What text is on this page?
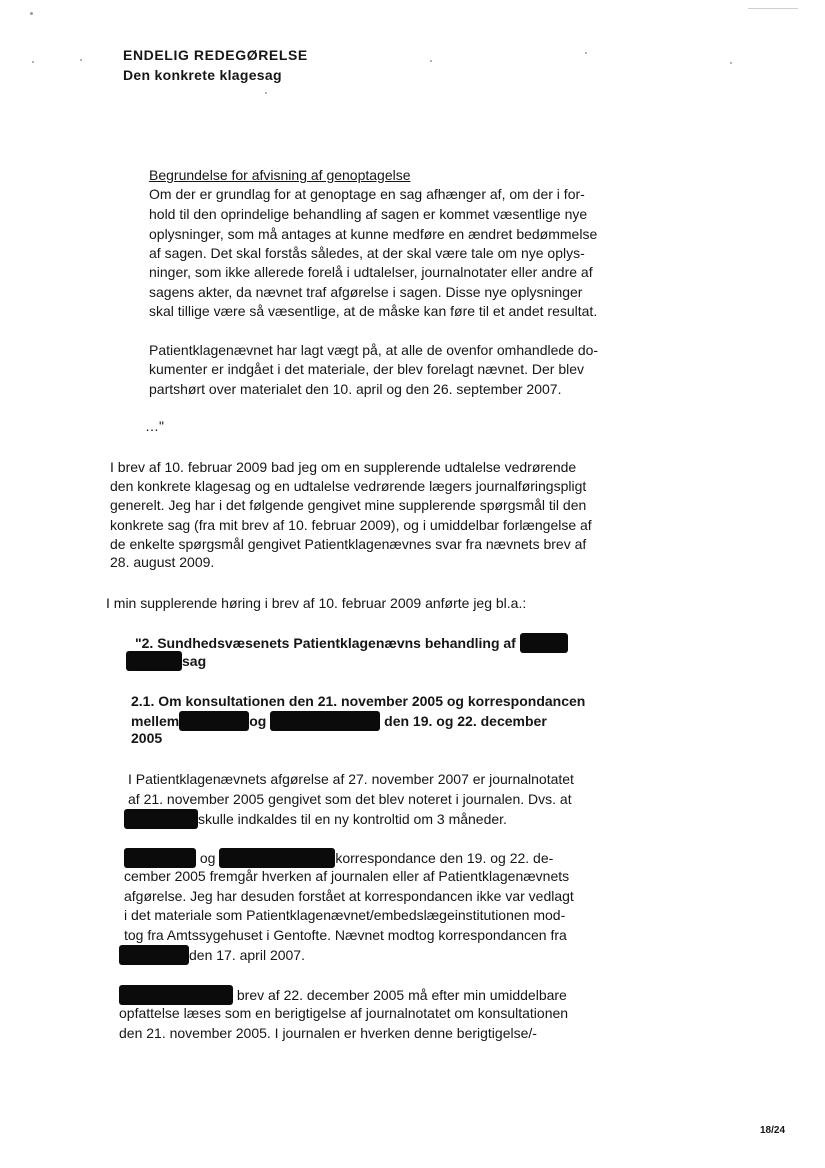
ENDELIG REDEGØRELSE
Den konkrete klagesag
Begrundelse for afvisning af genoptagelse
Om der er grundlag for at genoptage en sag afhænger af, om der i for-
hold til den oprindelige behandling af sagen er kommet væsentlige nye
oplysninger, som må antages at kunne medføre en ændret bedømmelse
af sagen. Det skal forstås således, at der skal være tale om nye oplys-
ninger, som ikke allerede forelå i udtalelser, journalnotater eller andre af
sagens akter, da nævnet traf afgørelse i sagen. Disse nye oplysninger
skal tillige være så væsentlige, at de måske kan føre til et andet resultat.
Patientklagenævnet har lagt vægt på, at alle de ovenfor omhandlede do-
kumenter er indgået i det materiale, der blev forelagt nævnet. Der blev
partshørt over materialet den 10. april og den 26. september 2007.
…"
I brev af 10. februar 2009 bad jeg om en supplerende udtalelse vedrørende
den konkrete klagesag og en udtalelse vedrørende lægers journalføringspligt
generelt. Jeg har i det følgende gengivet mine supplerende spørgsmål til den
konkrete sag (fra mit brev af 10. februar 2009), og i umiddelbar forlængelse af
de enkelte spørgsmål gengivet Patientklagenævnes svar fra nævnets brev af
28. august 2009.
I min supplerende høring i brev af 10. februar 2009 anførte jeg bl.a.:
"2. Sundhedsvæsenets Patientklagenævns behandling af
sag
2.1. Om konsultationen den 21. november 2005 og korrespondancen
mellem	og	den 19. og 22. december
2005
I Patientklagenævnets afgørelse af 27. november 2007 er journalnotatet
af 21. november 2005 gengivet som det blev noteret i journalen. Dvs. at
skulle indkaldes til en ny kontroltid om 3 måneder.
og	korrespondance den 19. og 22. de-
cember 2005 fremgår hverken af journalen eller af Patientklagenævnets
afgørelse. Jeg har desuden forstået at korrespondancen ikke var vedlagt
i det materiale som Patientklagenævnet/embedslægeinstitutionen mod-
tog fra Amtssygehuset i Gentofte. Nævnet modtog korrespondancen fra
den 17. april 2007.
brev af 22. december 2005 må efter min umiddelbare
opfattelse læses som en berigtigelse af journalnotatet om konsultationen
den 21. november 2005. I journalen er hverken denne berigtigelse/-
18/24
